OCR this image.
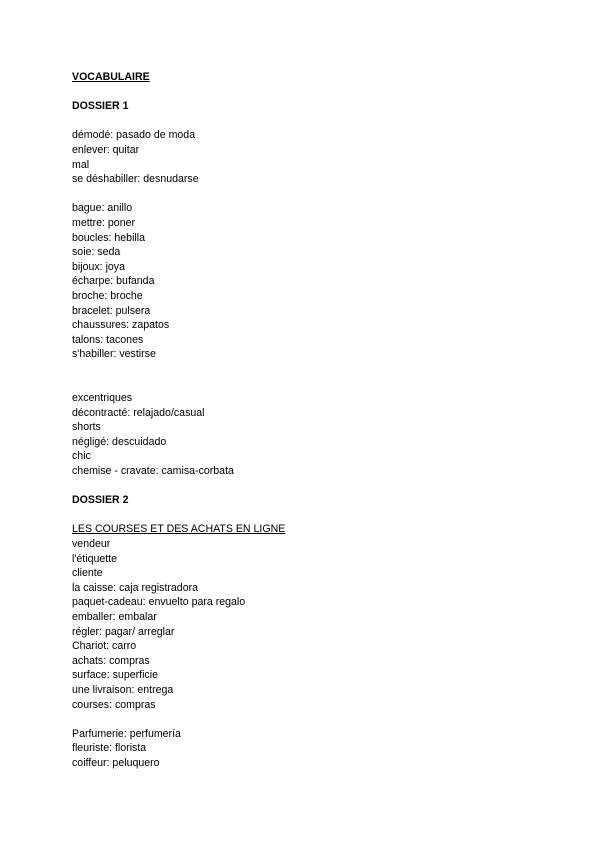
VOCABULAIRE
DOSSIER 1
démodé: pasado de moda
enlever: quitar
mal
se déshabiller: desnudarse
bague: anillo
mettre: poner
boucles: hebilla
soie: seda
bijoux: joya
écharpe: bufanda
broche: broche
bracelet: pulsera
chaussures: zapatos
talons: tacones
s'habiller: vestirse
excentriques
décontracté: relajado/casual
shorts
négligé: descuidado
chic
chemise - cravate: camisa-corbata
DOSSIER 2
LES COURSES ET DES ACHATS EN LIGNE
vendeur
l'étiquette
cliente
la caisse: caja registradora
paquet-cadeau: envuelto para regalo
emballer: embalar
régler: pagar/ arreglar
Chariot: carro
achats: compras
surface: superficie
une livraison: entrega
courses: compras
Parfumerie: perfumería
fleuriste: florista
coiffeur: peluquero
